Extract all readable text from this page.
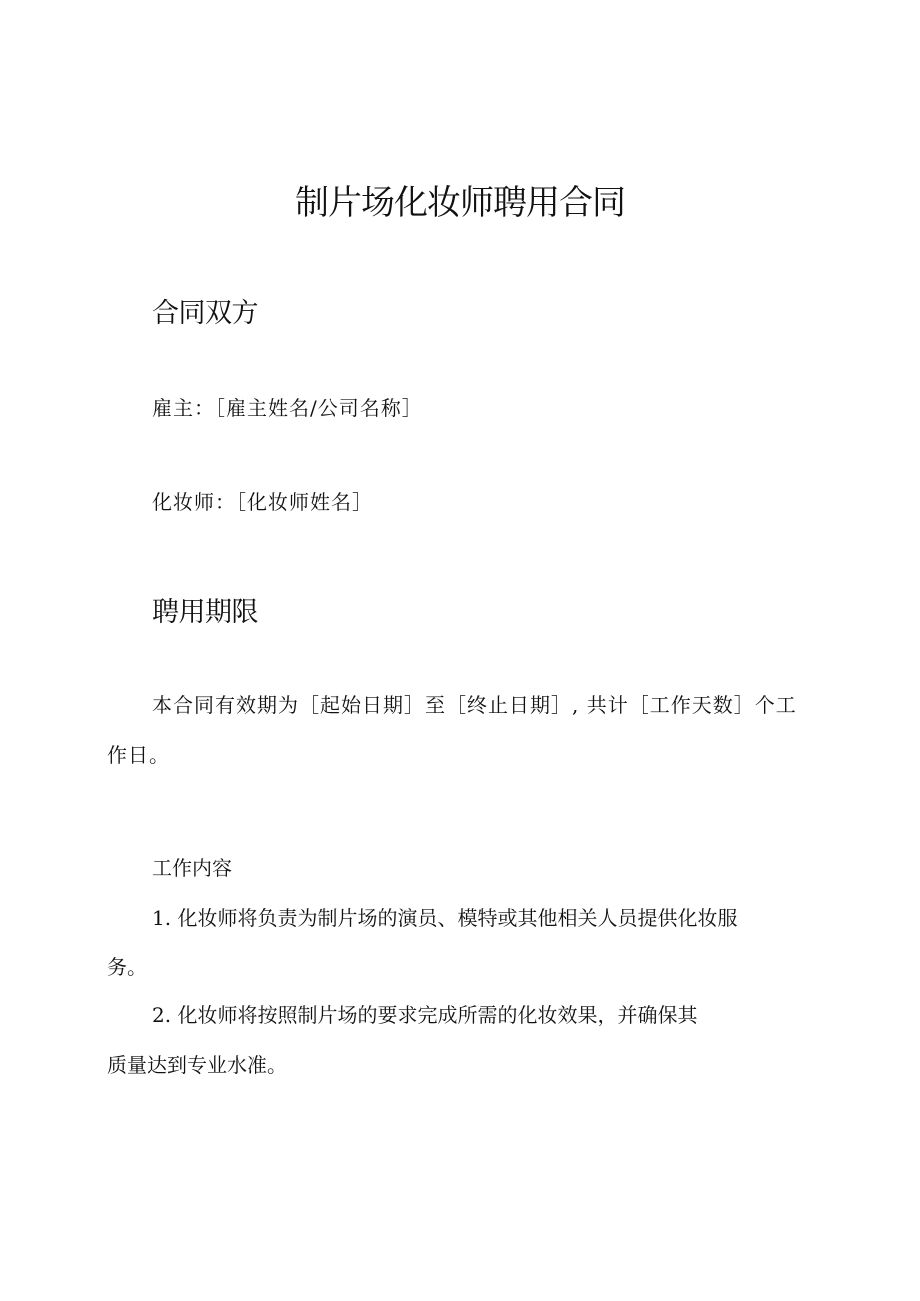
制片场化妆师聘用合同
合同双方

雇主：［雇主姓名/公司名称］

化妆师：［化妆师姓名］

聘用期限

本合同有效期为［起始日期］至［终止日期］, 共计［工作天数］个工

作日。

工作内容

1. 化妆师将负责为制片场的演员、模特或其他相关人员提供化妆服

务。

2. 化妆师将按照制片场的要求完成所需的化妆效果，并确保其

质量达到专业水准。
